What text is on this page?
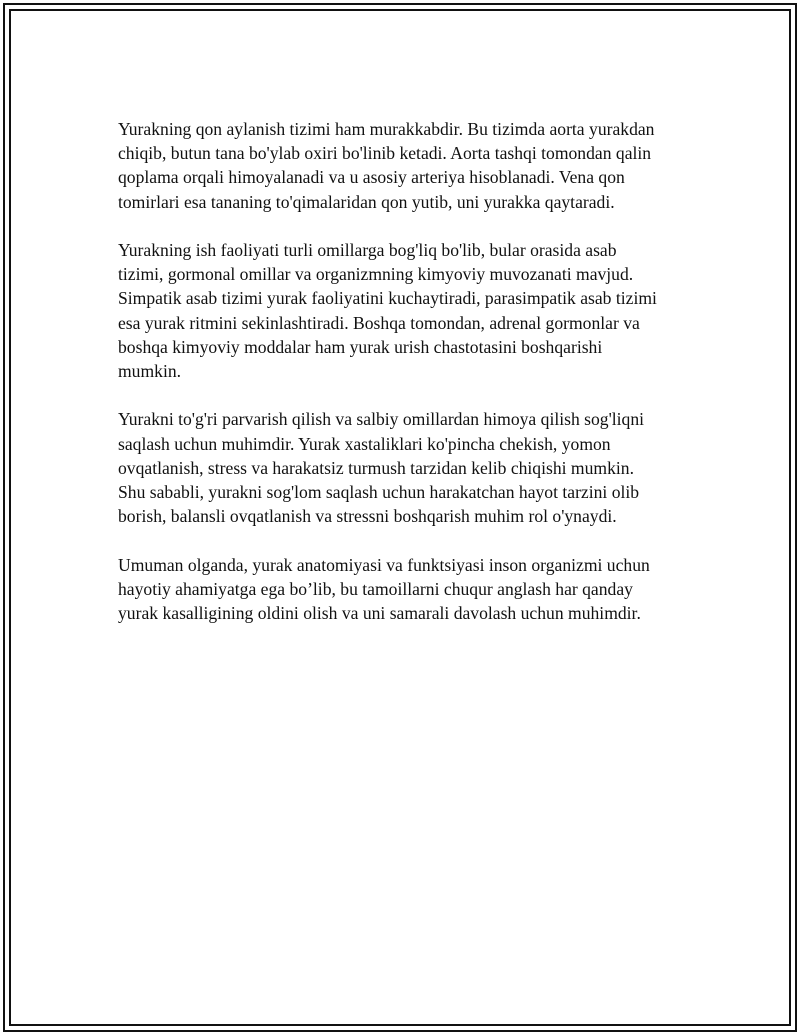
Yurakning qon aylanish tizimi ham murakkabdir. Bu tizimda aorta yurakdan
chiqib, butun tana bo'ylab oxiri bo'linib ketadi. Aorta tashqi tomondan qalin
qoplama orqali himoyalanadi va u asosiy arteriya hisoblanadi. Vena qon
tomirlari esa tananing to'qimalaridan qon yutib, uni yurakka qaytaradi.

Yurakning ish faoliyati turli omillarga bog'liq bo'lib, bular orasida asab
tizimi, gormonal omillar va organizmning kimyoviy muvozanati mavjud.
Simpatik asab tizimi yurak faoliyatini kuchaytiradi, parasimpatik asab tizimi
esa yurak ritmini sekinlashtiradi. Boshqa tomondan, adrenal gormonlar va
boshqa kimyoviy moddalar ham yurak urish chastotasini boshqarishi
mumkin.

Yurakni to'g'ri parvarish qilish va salbiy omillardan himoya qilish sog'liqni
saqlash uchun muhimdir. Yurak xastaliklari ko'pincha chekish, yomon
ovqatlanish, stress va harakatsiz turmush tarzidan kelib chiqishi mumkin.
Shu sababli, yurakni sog'lom saqlash uchun harakatchan hayot tarzini olib
borish, balansli ovqatlanish va stressni boshqarish muhim rol o'ynaydi.

Umuman olganda, yurak anatomiyasi va funktsiyasi inson organizmi uchun
hayotiy ahamiyatga ega bo’lib, bu tamoillarni chuqur anglash har qanday
yurak kasalligining oldini olish va uni samarali davolash uchun muhimdir.
